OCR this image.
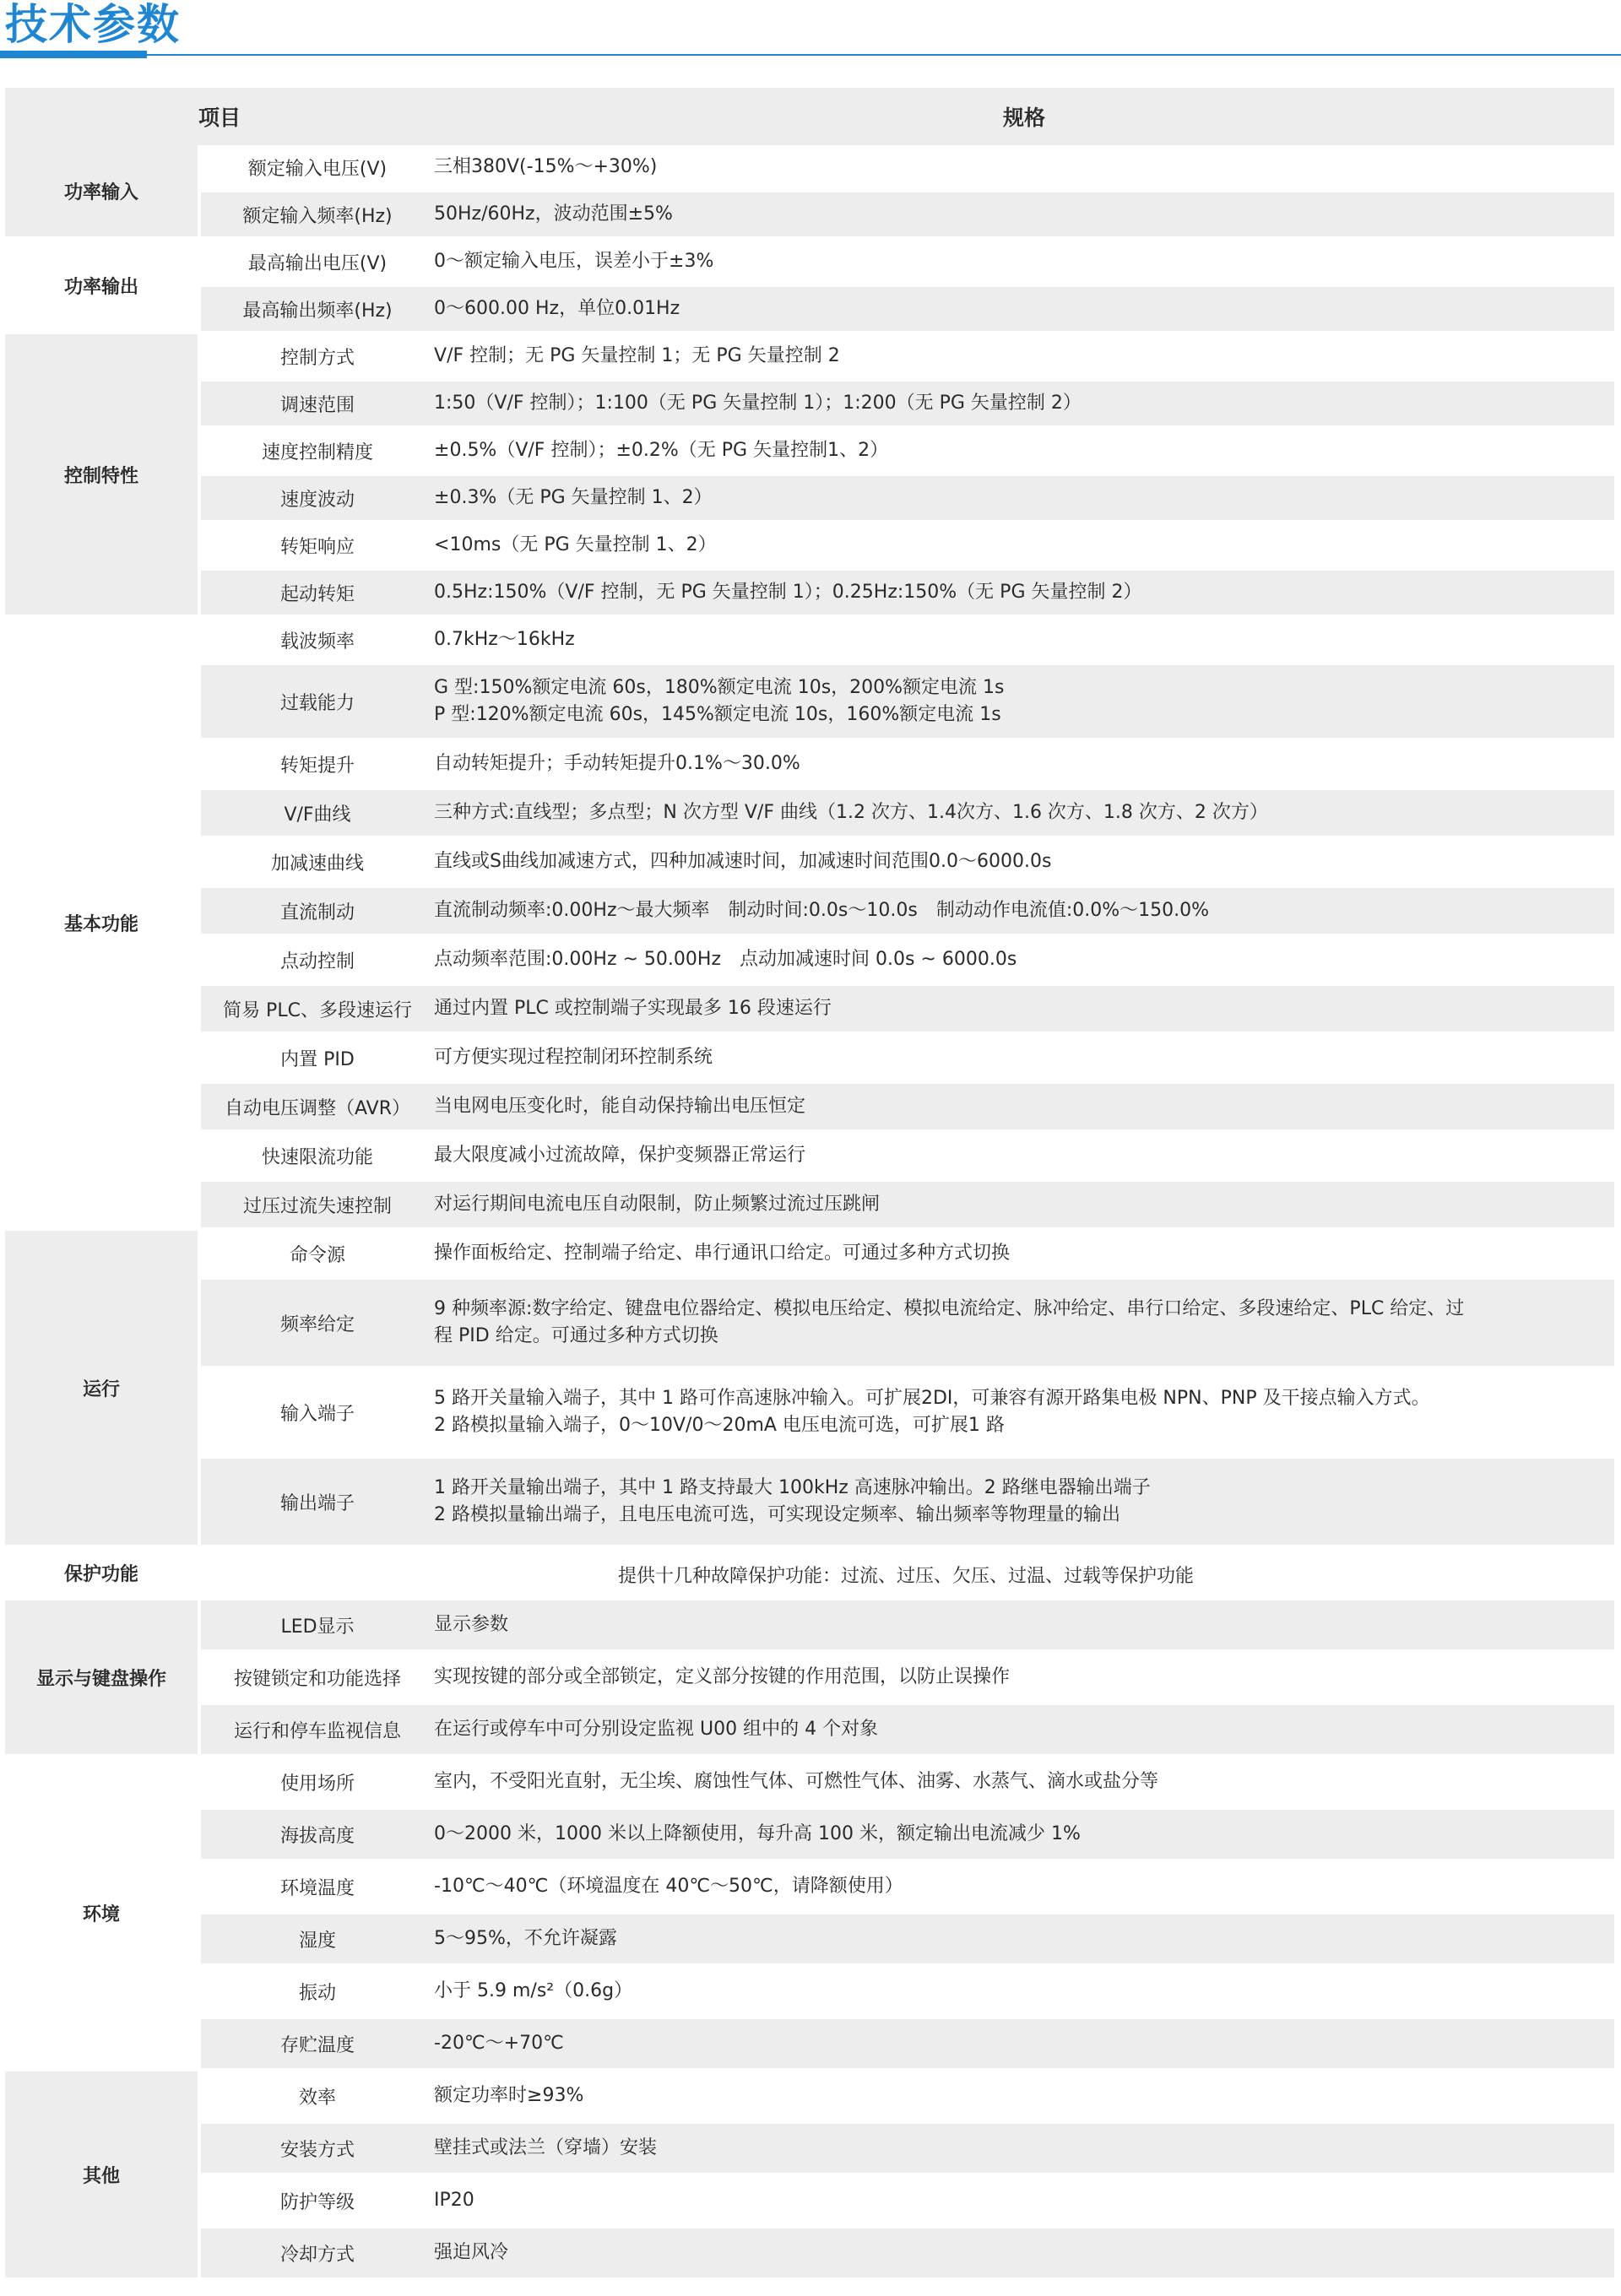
技术参数
项目		规格
功率输入	额定输入电压(V)	三相380V(-15%～+30%)
	额定输入频率(Hz)	50Hz/60Hz，波动范围±5%
功率输出	最高输出电压(V)	0～额定输入电压，误差小于±3%
	最高输出频率(Hz)	0～600.00 Hz，单位0.01Hz
控制特性	控制方式	V/F 控制；无 PG 矢量控制 1；无 PG 矢量控制 2
	调速范围	1:50（V/F 控制）；1:100（无 PG 矢量控制 1）；1:200（无 PG 矢量控制 2）
	速度控制精度	±0.5%（V/F 控制）；±0.2%（无 PG 矢量控制1、2）
	速度波动	±0.3%（无 PG 矢量控制 1、2）
	转矩响应	<10ms（无 PG 矢量控制 1、2）
	起动转矩	0.5Hz:150%（V/F 控制，无 PG 矢量控制 1）；0.25Hz:150%（无 PG 矢量控制 2）
基本功能	载波频率	0.7kHz～16kHz
	过载能力	G 型:150%额定电流 60s，180%额定电流 10s，200%额定电流 1s
P 型:120%额定电流 60s，145%额定电流 10s，160%额定电流 1s

	转矩提升	自动转矩提升；手动转矩提升0.1%～30.0%
	V/F曲线	三种方式:直线型；多点型；N 次方型 V/F 曲线（1.2 次方、1.4次方、1.6 次方、1.8 次方、2 次方）
	加减速曲线	直线或S曲线加减速方式，四种加减速时间，加减速时间范围0.0～6000.0s
	直流制动	直流制动频率:0.00Hz～最大频率 制动时间:0.0s～10.0s 制动动作电流值:0.0%～150.0%
	点动控制	点动频率范围:0.00Hz ~ 50.00Hz 点动加减速时间 0.0s ~ 6000.0s
	简易 PLC、多段速运行	通过内置 PLC 或控制端子实现最多 16 段速运行
	内置 PID	可方便实现过程控制闭环控制系统
	自动电压调整（AVR）	当电网电压变化时，能自动保持输出电压恒定
	快速限流功能	最大限度减小过流故障，保护变频器正常运行
	过压过流失速控制	对运行期间电流电压自动限制，防止频繁过流过压跳闸
运行	命令源	操作面板给定、控制端子给定、串行通讯口给定。可通过多种方式切换
	频率给定	9 种频率源:数字给定、键盘电位器给定、模拟电压给定、模拟电流给定、脉冲给定、串行口给定、多段速给定、PLC 给定、过
程 PID 给定。可通过多种方式切换

	输入端子	5 路开关量输入端子，其中 1 路可作高速脉冲输入。可扩展2DI，可兼容有源开路集电极 NPN、PNP 及干接点输入方式。
2 路模拟量输入端子，0～10V/0～20mA 电压电流可选，可扩展1 路

	输出端子	1 路开关量输出端子，其中 1 路支持最大 100kHz 高速脉冲输出。2 路继电器输出端子
2 路模拟量输出端子，且电压电流可选，可实现设定频率、输出频率等物理量的输出

保护功能	提供十几种故障保护功能：过流、过压、欠压、过温、过载等保护功能	
显示与键盘操作	LED显示	显示参数
	按键锁定和功能选择	实现按键的部分或全部锁定，定义部分按键的作用范围，以防止误操作
	运行和停车监视信息	在运行或停车中可分别设定监视 U00 组中的 4 个对象
环境	使用场所	室内，不受阳光直射，无尘埃、腐蚀性气体、可燃性气体、油雾、水蒸气、滴水或盐分等
	海拔高度	0～2000 米，1000 米以上降额使用，每升高 100 米，额定输出电流减少 1%
	环境温度	-10℃～40℃（环境温度在 40℃～50℃，请降额使用）
	湿度	5～95%，不允许凝露
	振动	小于 5.9 m/s²（0.6g）
	存贮温度	-20℃～+70℃
其他	效率	额定功率时≥93%
	安装方式	壁挂式或法兰（穿墙）安装
	防护等级	IP20
	冷却方式	强迫风冷
